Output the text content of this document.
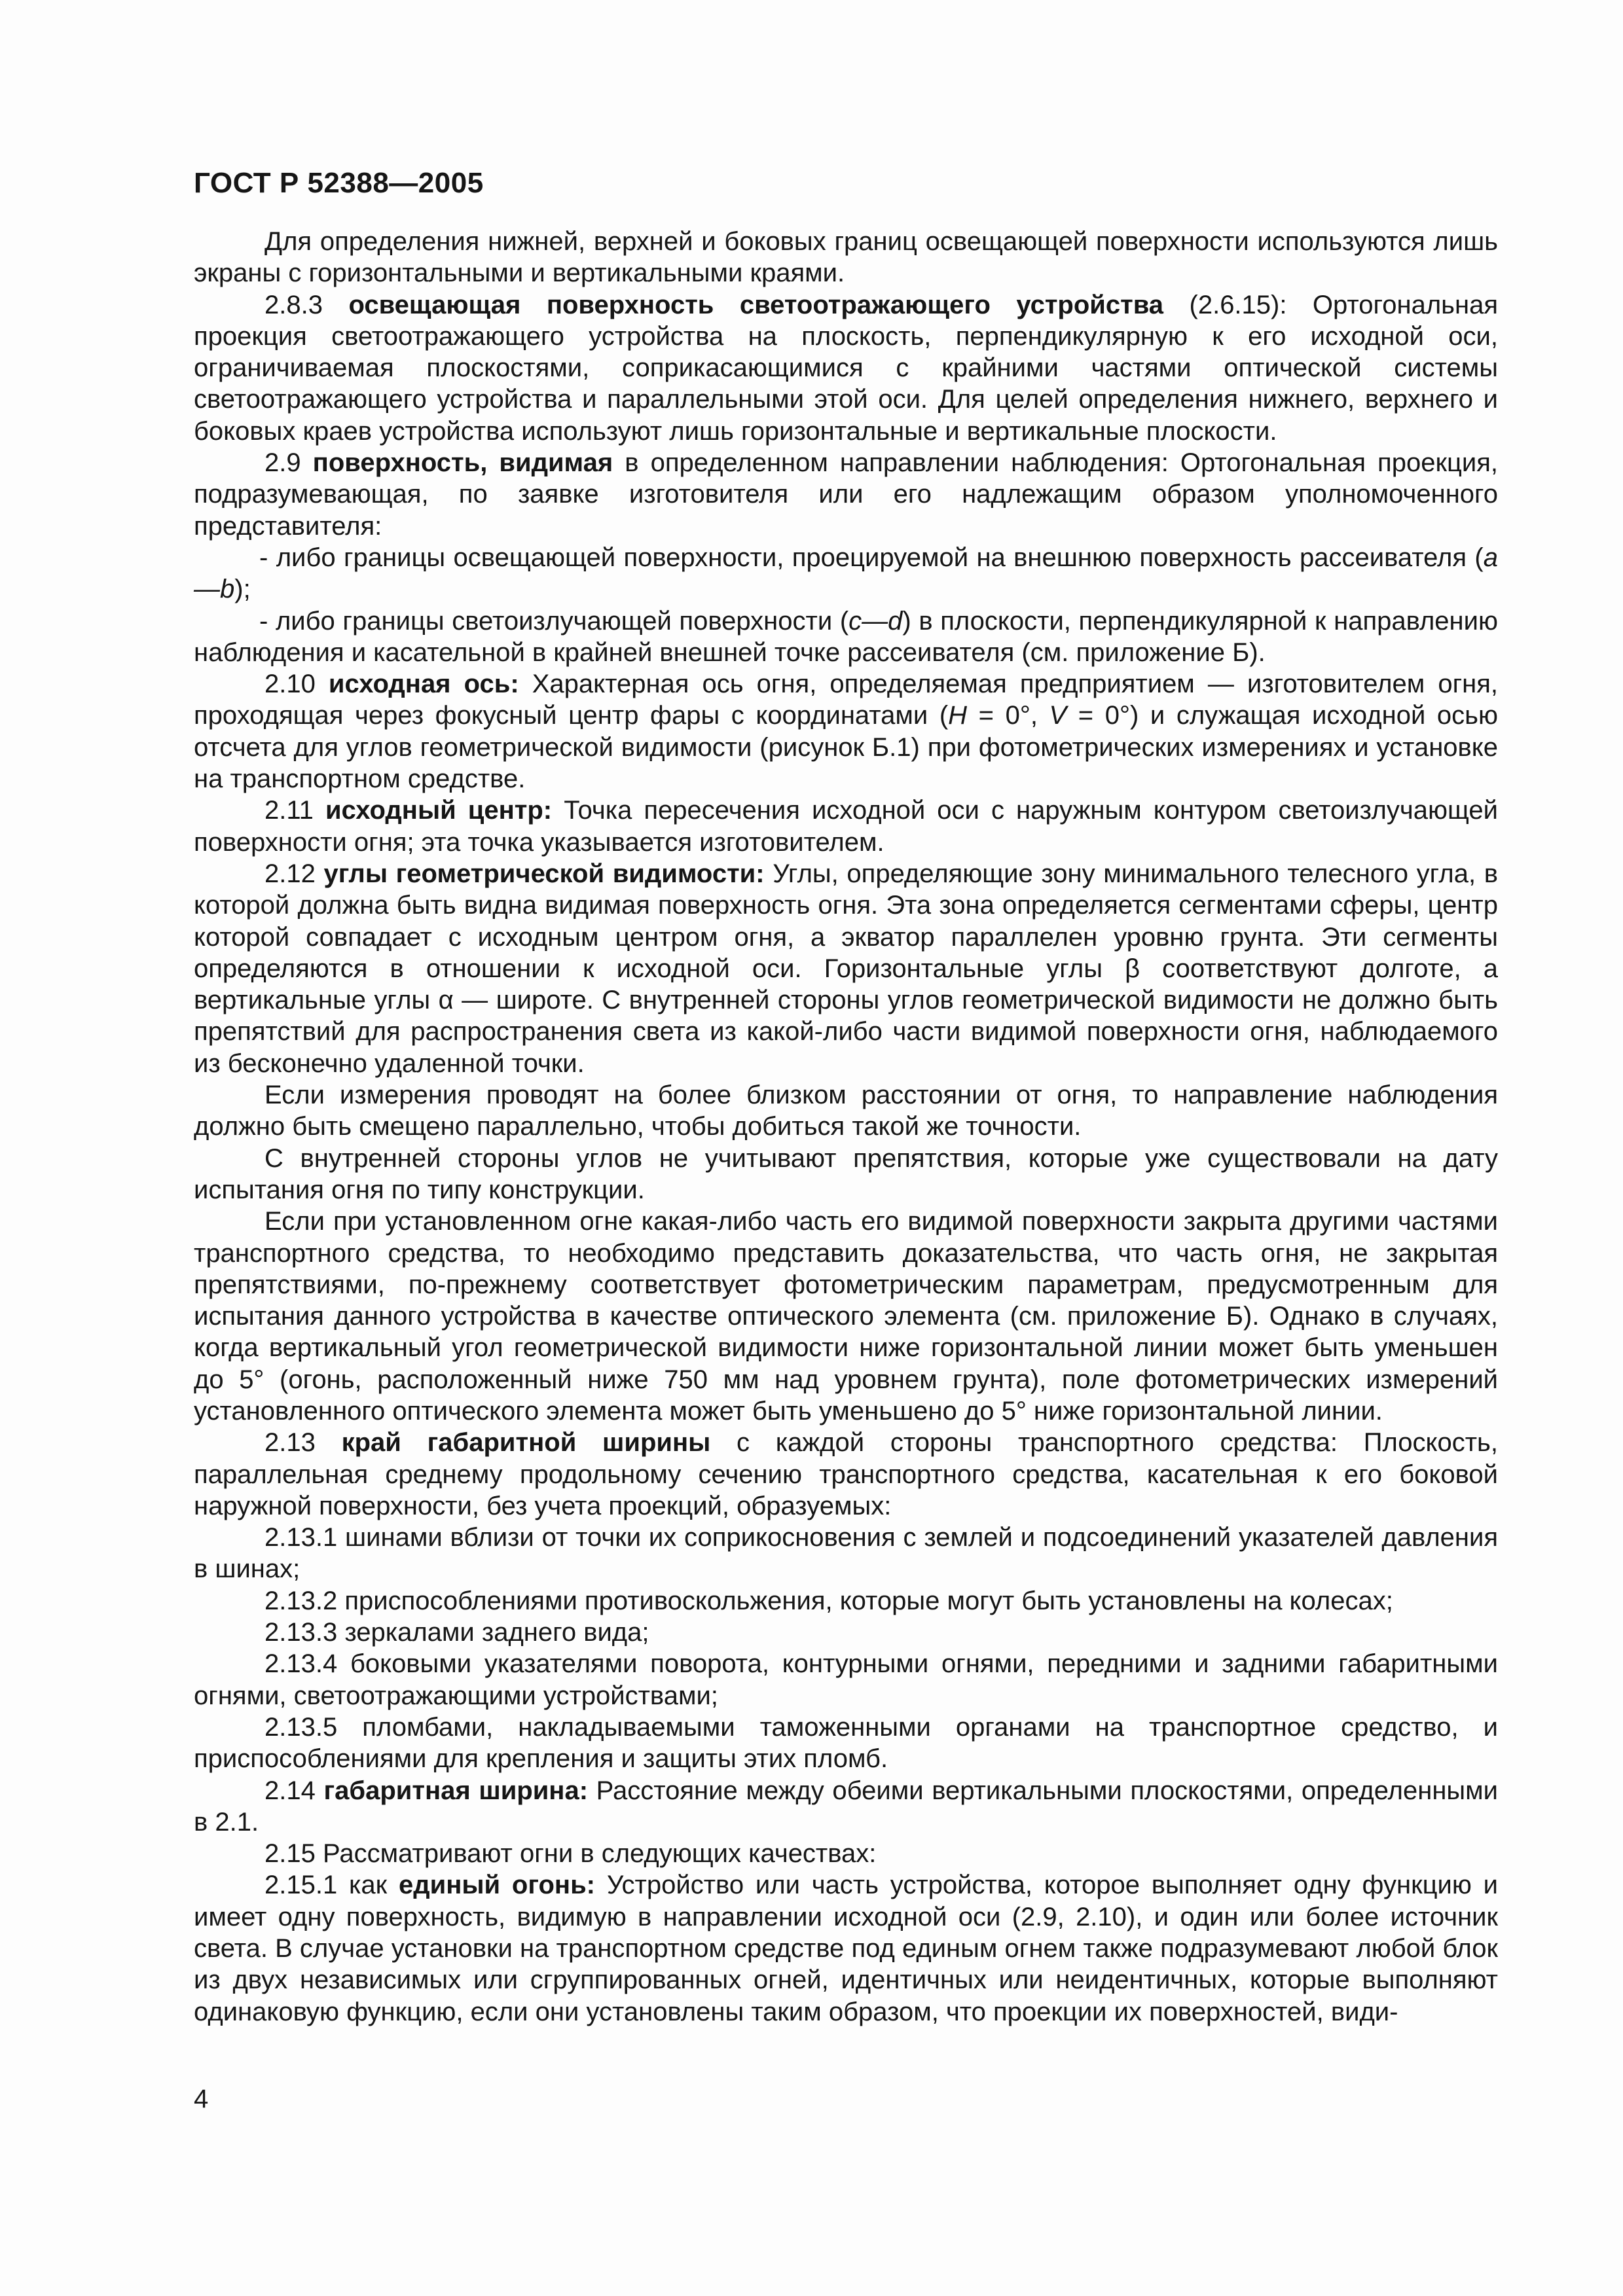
ГОСТ Р 52388—2005

Для определения нижней, верхней и боковых границ освещающей поверхности используются лишь экраны с горизонтальными и вертикальными краями.

2.8.3 освещающая поверхность светоотражающего устройства (2.6.15): Ортогональная проекция светоотражающего устройства на плоскость, перпендикулярную к его исходной оси, ограничиваемая плоскостями, соприкасающимися с крайними частями оптической системы светоотражающего устройства и параллельными этой оси. Для целей определения нижнего, верхнего и боковых краев устройства используют лишь горизонтальные и вертикальные плоскости.

2.9 поверхность, видимая в определенном направлении наблюдения: Ортогональная проекция, подразумевающая, по заявке изготовителя или его надлежащим образом уполномоченного представителя:

- либо границы освещающей поверхности, проецируемой на внешнюю поверхность рассеивателя (a—b);

- либо границы светоизлучающей поверхности (c—d) в плоскости, перпендикулярной к направлению наблюдения и касательной в крайней внешней точке рассеивателя (см. приложение Б).

2.10 исходная ось: Характерная ось огня, определяемая предприятием — изготовителем огня, проходящая через фокусный центр фары с координатами (H = 0°, V = 0°) и служащая исходной осью отсчета для углов геометрической видимости (рисунок Б.1) при фотометрических измерениях и установке на транспортном средстве.

2.11 исходный центр: Точка пересечения исходной оси с наружным контуром светоизлучающей поверхности огня; эта точка указывается изготовителем.

2.12 углы геометрической видимости: Углы, определяющие зону минимального телесного угла, в которой должна быть видна видимая поверхность огня. Эта зона определяется сегментами сферы, центр которой совпадает с исходным центром огня, а экватор параллелен уровню грунта. Эти сегменты определяются в отношении к исходной оси. Горизонтальные углы β соответствуют долготе, а вертикальные углы α — широте. С внутренней стороны углов геометрической видимости не должно быть препятствий для распространения света из какой-либо части видимой поверхности огня, наблюдаемого из бесконечно удаленной точки.

Если измерения проводят на более близком расстоянии от огня, то направление наблюдения должно быть смещено параллельно, чтобы добиться такой же точности.

С внутренней стороны углов не учитывают препятствия, которые уже существовали на дату испытания огня по типу конструкции.

Если при установленном огне какая-либо часть его видимой поверхности закрыта другими частями транспортного средства, то необходимо представить доказательства, что часть огня, не закрытая препятствиями, по-прежнему соответствует фотометрическим параметрам, предусмотренным для испытания данного устройства в качестве оптического элемента (см. приложение Б). Однако в случаях, когда вертикальный угол геометрической видимости ниже горизонтальной линии может быть уменьшен до 5° (огонь, расположенный ниже 750 мм над уровнем грунта), поле фотометрических измерений установленного оптического элемента может быть уменьшено до 5° ниже горизонтальной линии.

2.13 край габаритной ширины с каждой стороны транспортного средства: Плоскость, параллельная среднему продольному сечению транспортного средства, касательная к его боковой наружной поверхности, без учета проекций, образуемых:

2.13.1 шинами вблизи от точки их соприкосновения с землей и подсоединений указателей давления в шинах;

2.13.2 приспособлениями противоскольжения, которые могут быть установлены на колесах;

2.13.3 зеркалами заднего вида;

2.13.4 боковыми указателями поворота, контурными огнями, передними и задними габаритными огнями, светоотражающими устройствами;

2.13.5 пломбами, накладываемыми таможенными органами на транспортное средство, и приспособлениями для крепления и защиты этих пломб.

2.14 габаритная ширина: Расстояние между обеими вертикальными плоскостями, определенными в 2.1.

2.15 Рассматривают огни в следующих качествах:

2.15.1 как единый огонь: Устройство или часть устройства, которое выполняет одну функцию и имеет одну поверхность, видимую в направлении исходной оси (2.9, 2.10), и один или более источник света. В случае установки на транспортном средстве под единым огнем также подразумевают любой блок из двух независимых или сгруппированных огней, идентичных или неидентичных, которые выполняют одинаковую функцию, если они установлены таким образом, что проекции их поверхностей, види-

4
